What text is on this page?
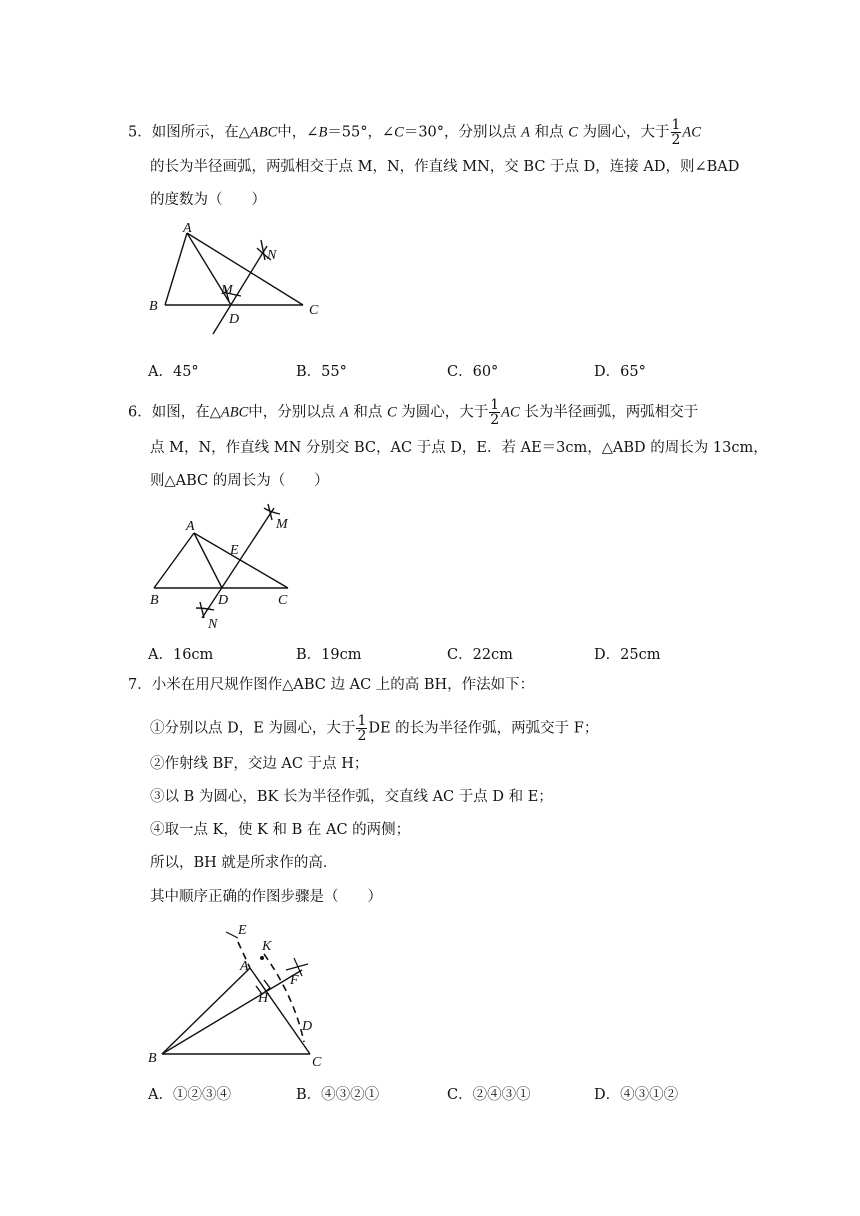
5．如图所示，在△ABC中，∠B＝55°，∠C＝30°，分别以点 A 和点 C 为圆心，大于 $\frac{1}{2}$ AC
的长为半径画弧，两弧相交于点 M，N，作直线 MN，交 BC 于点 D，连接 AD，则∠BAD
的度数为（　　）
A
B	C
D
M
N
A．45°	B．55°	C．60°	D．65°
6．如图，在△ABC中，分别以点 A 和点 C 为圆心，大于 $\frac{1}{2}$ AC 长为半径画弧，两弧相交于
点 M，N，作直线 MN 分别交 BC，AC 于点 D，E．若 AE＝3cm，△ABD 的周长为 13cm，
则△ABC 的周长为（　　）
A
B	C
D
E
M
N
A．16cm	B．19cm	C．22cm	D．25cm
7．小米在用尺规作图作△ABC 边 AC 上的高 BH，作法如下：
①分别以点 D，E 为圆心，大于 $\frac{1}{2}$ DE 的长为半径作弧，两弧交于 F；
②作射线 BF，交边 AC 于点 H；
③以 B 为圆心，BK 长为半径作弧，交直线 AC 于点 D 和 E；
④取一点 K，使 K 和 B 在 AC 的两侧；
所以，BH 就是所求作的高．
其中顺序正确的作图步骤是（　　）
E
K
A
F
H
D
B	C
A．①②③④	B．④③②①	C．②④③①	D．④③①②
